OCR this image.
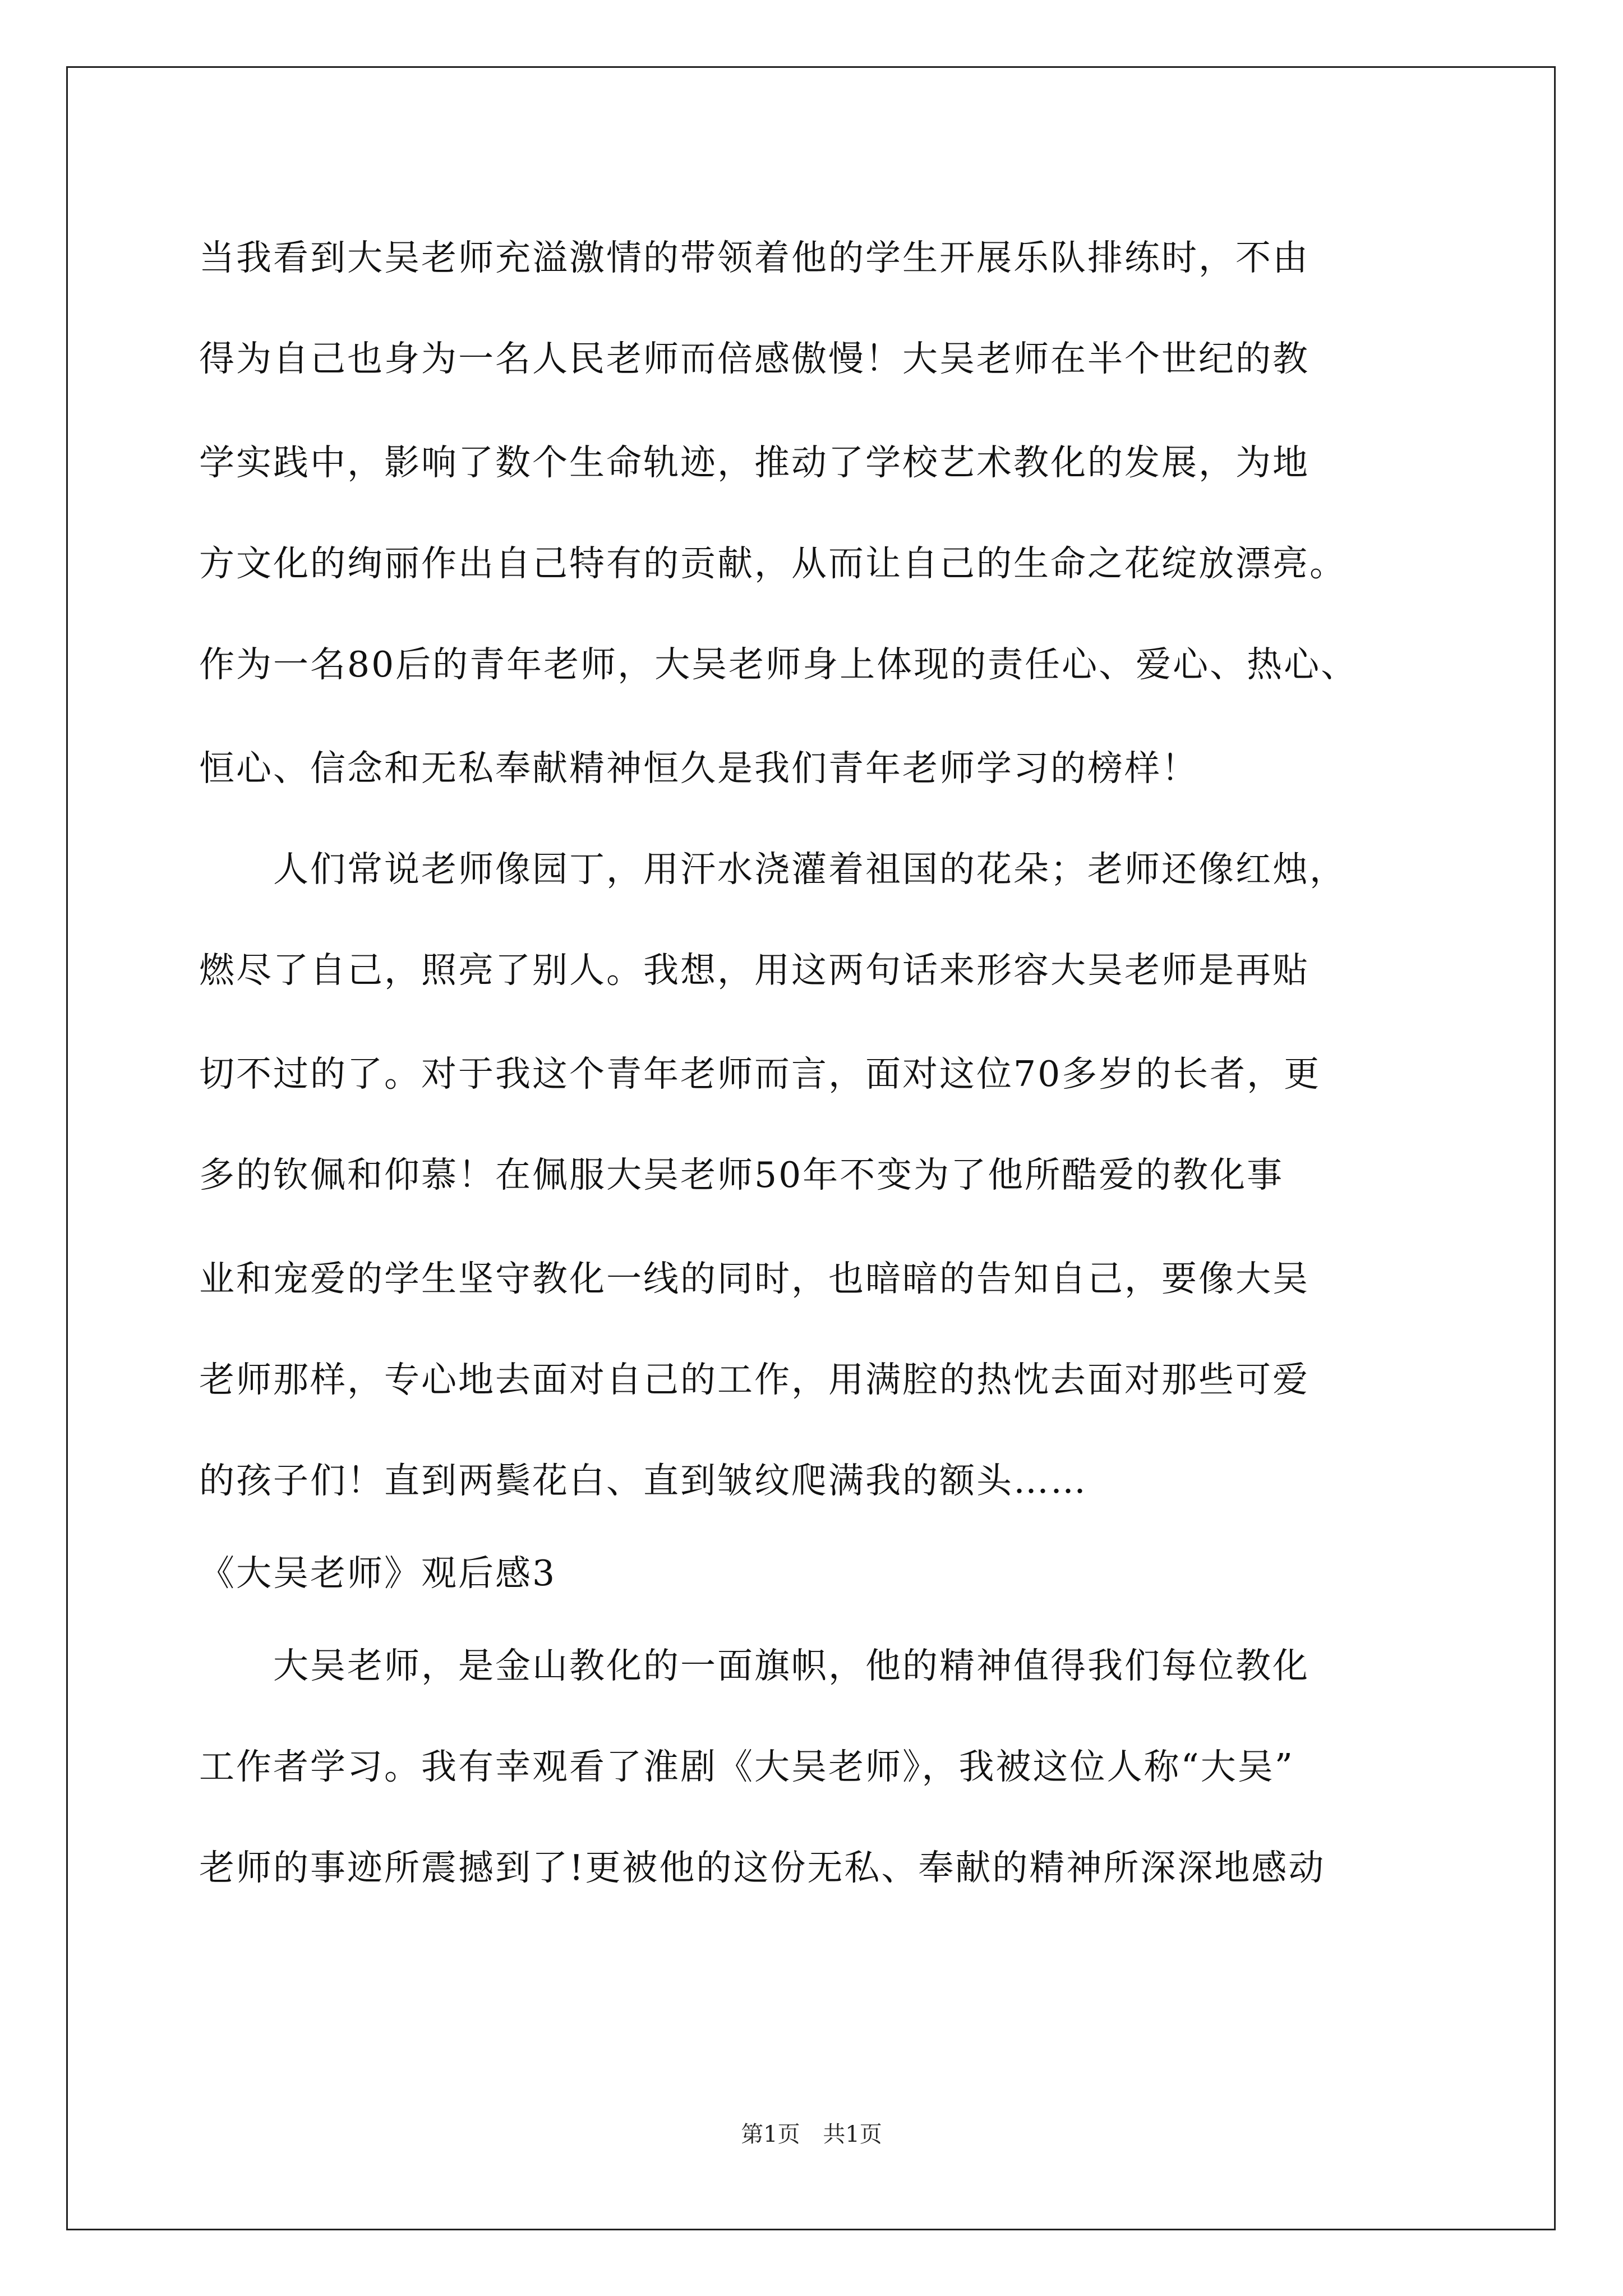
当我看到大吴老师充溢激情的带领着他的学生开展乐队排练时，不由
得为自己也身为一名人民老师而倍感傲慢！大吴老师在半个世纪的教
学实践中，影响了数个生命轨迹，推动了学校艺术教化的发展，为地
方文化的绚丽作出自己特有的贡献，从而让自己的生命之花绽放漂亮。
作为一名80后的青年老师，大吴老师身上体现的责任心、爱心、热心、
恒心、信念和无私奉献精神恒久是我们青年老师学习的榜样！
人们常说老师像园丁，用汗水浇灌着祖国的花朵；老师还像红烛，
燃尽了自己，照亮了别人。我想，用这两句话来形容大吴老师是再贴
切不过的了。对于我这个青年老师而言，面对这位70多岁的长者，更
多的钦佩和仰慕！在佩服大吴老师50年不变为了他所酷爱的教化事
业和宠爱的学生坚守教化一线的同时，也暗暗的告知自己，要像大吴
老师那样，专心地去面对自己的工作，用满腔的热忱去面对那些可爱
的孩子们！直到两鬓花白、直到皱纹爬满我的额头……
《大吴老师》观后感3
大吴老师，是金山教化的一面旗帜，他的精神值得我们每位教化
工作者学习。我有幸观看了淮剧《大吴老师》，我被这位人称“大吴”
老师的事迹所震撼到了!更被他的这份无私、奉献的精神所深深地感动
第1页 共1页
